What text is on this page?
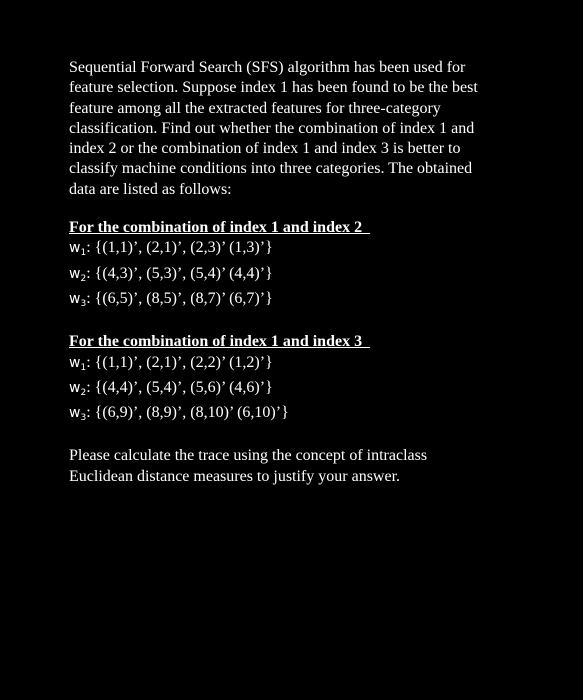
Sequential Forward Search (SFS) algorithm has been used for

feature selection. Suppose index 1 has been found to be the best

feature among all the extracted features for three-category

classification. Find out whether the combination of index 1 and

index 2 or the combination of index 1 and index 3 is better to

classify machine conditions into three categories. The obtained

data are listed as follows:

For the combination of index 1 and index 2

$w_1$: {(1,1)’, (2,1)’, (2,3)’ (1,3)’}

$w_2$: {(4,3)’, (5,3)’, (5,4)’ (4,4)’}

$w_3$: {(6,5)’, (8,5)’, (8,7)’ (6,7)’}

For the combination of index 1 and index 3

$w_1$: {(1,1)’, (2,1)’, (2,2)’ (1,2)’}

$w_2$: {(4,4)’, (5,4)’, (5,6)’ (4,6)’}

$w_3$: {(6,9)’, (8,9)’, (8,10)’ (6,10)’}

Please calculate the trace using the concept of intraclass

Euclidean distance measures to justify your answer.
